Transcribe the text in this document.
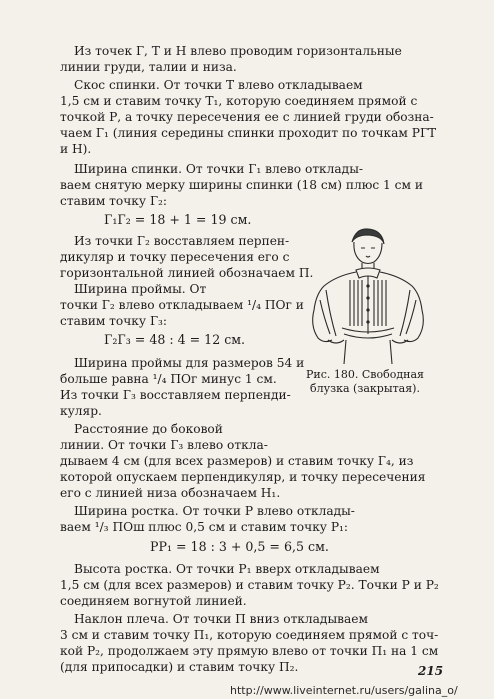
Из точек Г, Т и Н влево проводим горизонтальные
линии груди, талии и низа.
Скос спинки. От точки Т влево откладываем
1,5 см и ставим точку Т₁, которую соединяем прямой с
точкой Р, а точку пересечения ее с линией груди обозна-
чаем Г₁ (линия середины спинки проходит по точкам РГТ
и Н).
Ширина спинки. От точки Г₁ влево отклады-
ваем снятую мерку ширины спинки (18 см) плюс 1 см и
ставим точку Г₂:
Г₁Г₂ = 18 + 1 = 19 см.
Из точки Г₂ восставляем перпен-
дикуляр и точку пересечения его с
горизонтальной линией обозначаем П.
Ширина проймы. От
точки Г₂ влево откладываем ¹/₄ ПОг и
ставим точку Г₃:
Г₂Г₃ = 48 : 4 = 12 см.
Ширина проймы для размеров 54 и
больше равна ¹/₄ ПОг минус 1 см.
Из точки Г₃ восставляем перпенди-
куляр.
Расстояние до боковой
линии. От точки Г₃ влево откла-
Рис. 180. Свободная
блузка (закрытая).
дываем 4 см (для всех размеров) и ставим точку Г₄, из
которой опускаем перпендикуляр, и точку пересечения
его с линией низа обозначаем Н₁.
Ширина ростка. От точки Р влево отклады-
ваем ¹/₃ ПОш плюс 0,5 см и ставим точку Р₁:
РР₁ = 18 : 3 + 0,5 = 6,5 см.
Высота ростка. От точки Р₁ вверх откладываем
1,5 см (для всех размеров) и ставим точку Р₂. Точки Р и Р₂
соединяем вогнутой линией.
Наклон плеча. От точки П вниз откладываем
3 см и ставим точку П₁, которую соединяем прямой с точ-
кой Р₂, продолжаем эту прямую влево от точки П₁ на 1 см
(для припосадки) и ставим точку П₂.	215
http://www.liveinternet.ru/users/galina_o/
